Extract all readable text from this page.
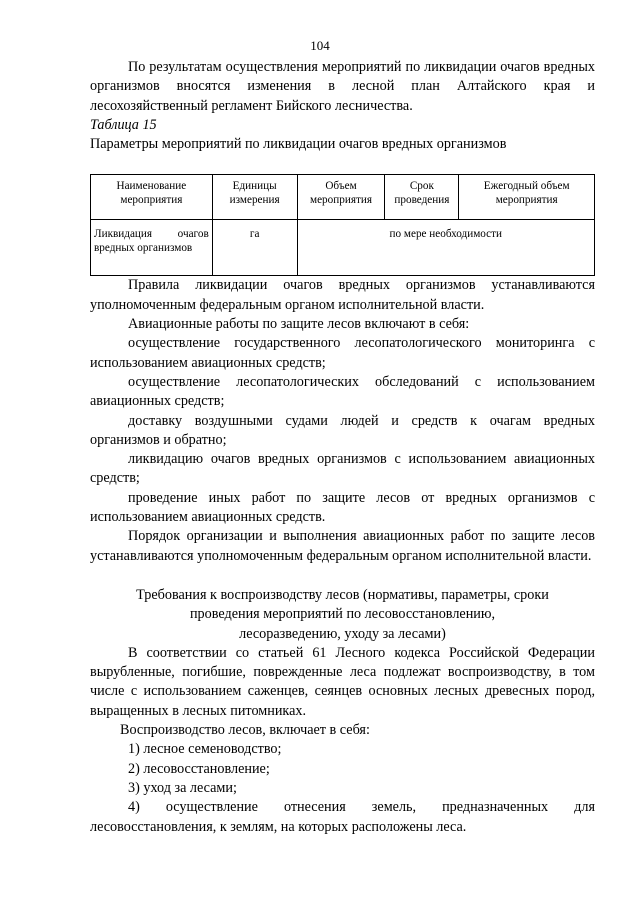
104

По результатам осуществления мероприятий по ликвидации очагов вредных организмов вносятся изменения в лесной план Алтайского края и лесохозяйственный регламент Бийского лесничества.

Таблица 15

Параметры мероприятий по ликвидации очагов вредных организмов

Наименование мероприятия	Единицы измерения	Объем мероприятия	Срок проведения	Ежегодный объем мероприятия
Ликвидация очагов вредных организмов	га	по мере необходимости		

Правила ликвидации очагов вредных организмов устанавливаются уполномоченным федеральным органом исполнительной власти.

Авиационные работы по защите лесов включают в себя:

осуществление государственного лесопатологического мониторинга с использованием авиационных средств;

осуществление лесопатологических обследований с использованием авиационных средств;

доставку воздушными судами людей и средств к очагам вредных организмов и обратно;

ликвидацию очагов вредных организмов с использованием авиационных средств;

проведение иных работ по защите лесов от вредных организмов с использованием авиационных средств.

Порядок организации и выполнения авиационных работ по защите лесов устанавливаются уполномоченным федеральным органом исполнительной власти.

Требования к воспроизводству лесов (нормативы, параметры, сроки
проведения мероприятий по лесовосстановлению,
лесоразведению, уходу за лесами)

В соответствии со статьей 61 Лесного кодекса Российской Федерации вырубленные, погибшие, поврежденные леса подлежат воспроизводству, в том числе с использованием саженцев, сеянцев основных лесных древесных пород, выращенных в лесных питомниках.

Воспроизводство лесов, включает в себя:

1) лесное семеноводство;

2) лесовосстановление;

3) уход за лесами;

4) осуществление отнесения земель, предназначенных для лесовосстановления, к землям, на которых расположены леса.
